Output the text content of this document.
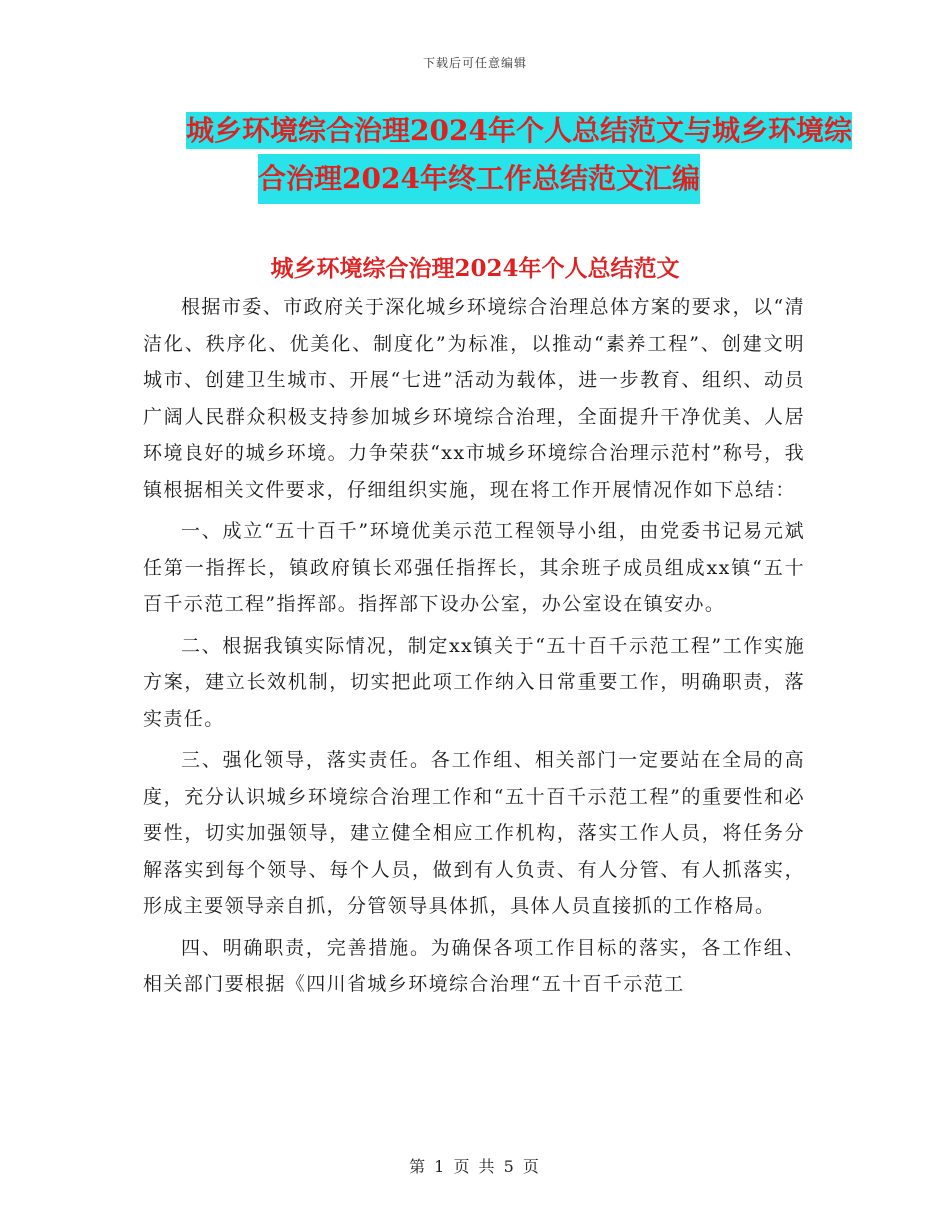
下载后可任意编辑
城乡环境综合治理2024年个人总结范文与城乡环境综
合治理2024年终工作总结范文汇编
城乡环境综合治理2024年个人总结范文

根据市委、市政府关于深化城乡环境综合治理总体方案的要求，以“清洁化、秩序化、优美化、制度化”为标准，以推动“素养工程”、创建文明城市、创建卫生城市、开展“七进”活动为载体，进一步教育、组织、动员广阔人民群众积极支持参加城乡环境综合治理，全面提升干净优美、人居环境良好的城乡环境。力争荣获“xx市城乡环境综合治理示范村”称号，我镇根据相关文件要求，仔细组织实施，现在将工作开展情况作如下总结：

一、成立“五十百千”环境优美示范工程领导小组，由党委书记易元斌任第一指挥长，镇政府镇长邓强任指挥长，其余班子成员组成xx镇“五十百千示范工程”指挥部。指挥部下设办公室，办公室设在镇安办。

二、根据我镇实际情况，制定xx镇关于“五十百千示范工程”工作实施方案，建立长效机制，切实把此项工作纳入日常重要工作，明确职责，落实责任。

三、强化领导，落实责任。各工作组、相关部门一定要站在全局的高度，充分认识城乡环境综合治理工作和“五十百千示范工程”的重要性和必要性，切实加强领导，建立健全相应工作机构，落实工作人员，将任务分解落实到每个领导、每个人员，做到有人负责、有人分管、有人抓落实，形成主要领导亲自抓，分管领导具体抓，具体人员直接抓的工作格局。

四、明确职责，完善措施。为确保各项工作目标的落实，各工作组、相关部门要根据《四川省城乡环境综合治理“五十百千示范工

第 1 页 共 5 页
